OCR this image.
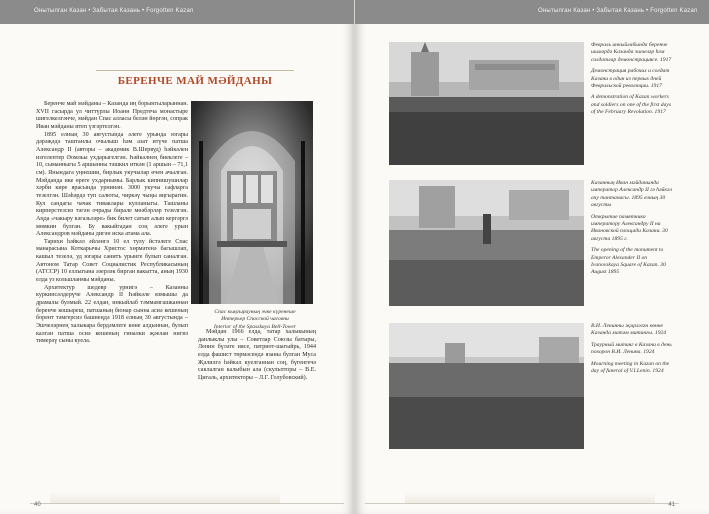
Онытылган Казан • Забытая Казань • Forgotten Kazan
БЕРЕНЧЕ МАЙ МӘЙДАНЫ

Беренче май мәйданы – Казанда иң борынгыларыннан. XVII гасырда ул читтүрлы Иоанн Предтеча монастыре шигелкелгәнче, мәйдан Спас алласы белән йөргән, сопрак Иван мәйданы итеп үзгәртелгән.

1895 елның 30 августында әлеге урында югары дәрәҗәдә таштанлы очылыш һәм азат итүче патша Александр II (авторы – академик В.Шервуд) һәйкәлен изгелептер Әомльы ухдарыгелгән. Һәйкәлнең биеклеге – 10, сыманныгы 5 аршынны тәшкил иткән (1 аршын – 71,1 см). Янындага уңнешии, бирлык укучылар өчен ачылган. Мәйданда ике өреге ухдарнымы. Барлык кипнишушилар хәрби кире ярасында урнинән. 3000 укучы сафларга тезелгән. Шәһәрдә туп салюты, чиркәү чыңы яңгырагин. Кул сандагы чачак тиваклары кулланыгы. Ташланы кирперстезсиз тәгән очрады бирале мөәбәрләр тезелгән. Аңда «чакыру кәгазьләре» бик билет сатып алып кергәргә мөмкин булган. Бу вакыйгадан соң әлеге урын Александров мәйданы дигән иска атама ала.

Тарихи һәйкәл әйләнгә 10 ел тулу йстәлеге Спас манарасына Коткарычы Христос хөрмәтенә багышлап, кашыл тезелә, уд югары санитъ урынге булып саналган. Автоном Татар Совет Социалистик Республикасының (АТССР) 10 еллыгына әзерләк бирган вакытта, аның 1930 елда уз кольшланмы мәйданы.

Архитектур шедевр урнигә – Казанны куркинсәлдерүче Александр II Һәйкәле язмышы да драмалы булмый. 22 елдан, инкыйлаб тәммамгашканнан беренче кошыреш, патшаның бюнар сынна асиә кешеның борент тәмгерсиз башнеңдә 1918 елның 30 августында – Эшчеләрнең халыкара бердәмлеге көне алдыннан, булып калган патша осиә кешеның гиналки җәелан нигиз тимерәү сыны куела.

Спас кыңгырауның эчке күренеше
Интерьер Спасской часовни
Interior of the Spasskaya Bell-Tower

Мәйдан 1966 елда, татар халыкының данлыклы улы – Советлар Союзы батыры, Ленин бүләге иясе, патриот-шагыйрь, 1944 елда фашист төрмәсендә язаны булган Муса Җәлилгә һәйкәл куелганнан соң, бүгенгечә саклалган калыбын ала (скульпторы – В.Е. Цигаль, архитекторы – Л.Г. Голубовский).

40
Онытылган Казан • Забытая Казань • Forgotten Kazan
Февраль инкыйлабында беренче шимәрдә Казанда эшчеләр һәм солдатлар демонстрациясе. 1917
Демонстрация рабочих и солдат Казани в один из первых дней Февральской революции. 1917
A demonstration of Kazan workers and soldiers on one of the first days of the February Revolution. 1917
Казанның Иван мәйданында император Александр II гә һәйкәл ачу тантанасы. 1895 елның 30 августы
Открытие памятника императору Александру II на Ивановской площади Казани. 30 августа 1895 г.
The opening of the monument to Emperor Alexander II on Ivanovskaya Square of Kazan. 30 August 1895
В.И. Ленинны җирләгән көнне Казанда матәм митингы. 1924
Траурный митинг в Казани в день похорон В.И. Ленина. 1924
Mourning meeting in Kazan on the day of funeral of V.I.Lenin. 1924
41
